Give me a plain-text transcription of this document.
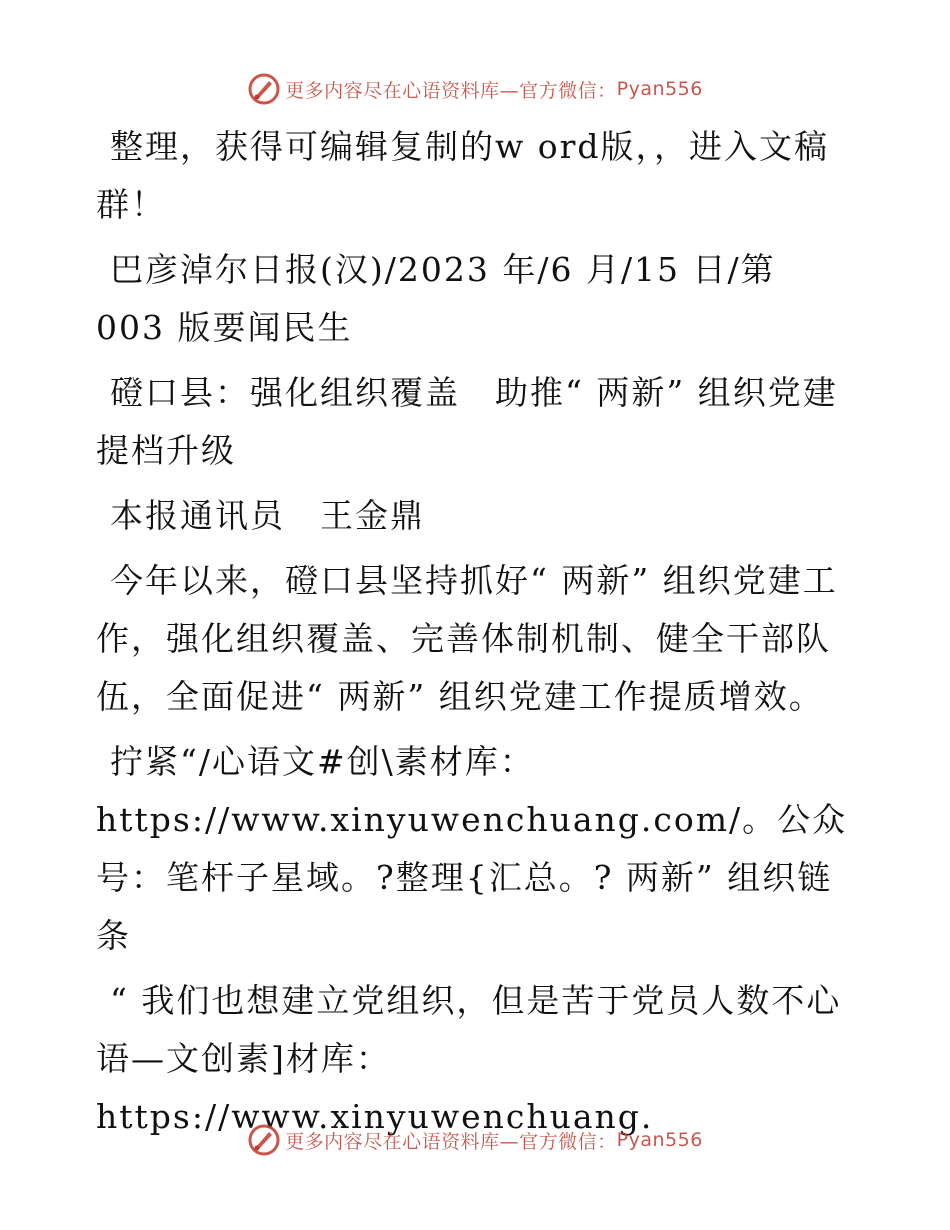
更多内容尽在心语资料库—官方微信： Pyan556

整理，获得可编辑复制的w ord版，，进入文稿群！

巴彦淖尔日报(汉)/2023 年/6 月/15 日/第 003 版要闻民生

磴口县：强化组织覆盖　助推“ 两新” 组织党建提档升级

本报通讯员　王金鼎

今年以来，磴口县坚持抓好“ 两新” 组织党建工作，强化组织覆盖、完善体制机制、健全干部队伍，全面促进“ 两新” 组织党建工作提质增效。

拧紧“/心语文#创\素材库：https://www.xinyuwenchuang.com/。公众号：笔杆子星域。?整理{汇总。? 两新” 组织链条

“ 我们也想建立党组织，但是苦于党员人数不心语—文创素]材库：https://www.xinyuwenchuang.

更多内容尽在心语资料库—官方微信： Pyan556
